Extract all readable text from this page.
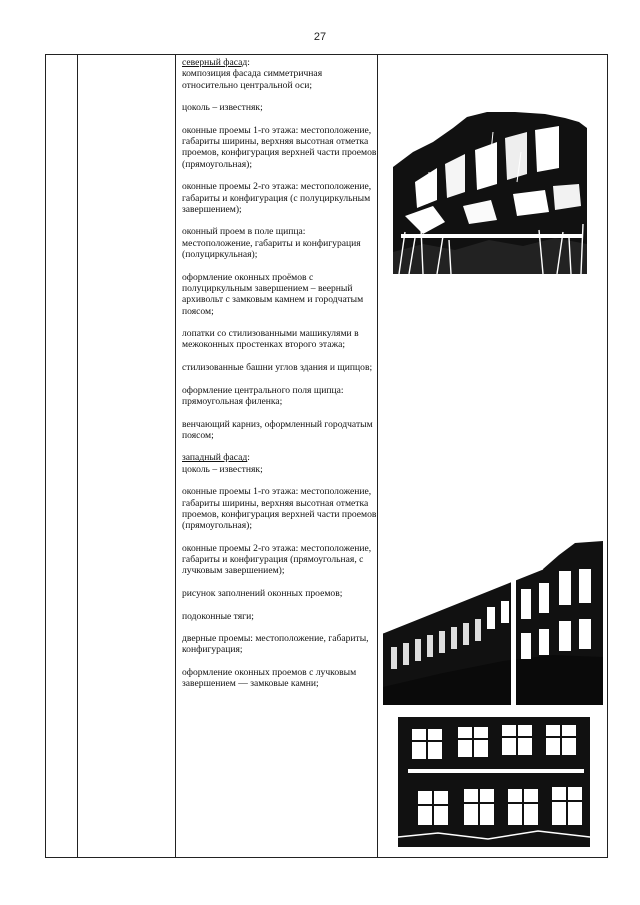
27
северный фасад:

композиция фасада симметричная относительно центральной оси;

цоколь – известняк;

оконные проемы 1-го этажа: местоположение, габариты ширины, верхняя высотная отметка проемов, конфигурация верхней части проемов (прямоугольная);

оконные проемы 2-го этажа: местоположение, габариты и конфигурация (с полуциркульным завершением);

оконный проем в поле щипца: местоположение, габариты и конфигурация (полуциркульная);

оформление оконных проёмов с полуциркульным завершением – веерный архивольт с замковым камнем и городчатым поясом;

лопатки со стилизованными машикулями в межоконных простенках второго этажа;

стилизованные башни углов здания и щипцов;

оформление центрального поля щипца: прямоугольная филенка;

венчающий карниз, оформленный городчатым поясом;

западный фасад:

цоколь – известняк;

оконные проемы 1-го этажа: местоположение, габариты ширины, верхняя высотная отметка проемов, конфигурация верхней части проемов (прямоугольная);

оконные проемы 2-го этажа: местоположение, габариты и конфигурация (прямоугольная, с лучковым завершением);

рисунок заполнений оконных проемов;

подоконные тяги;

дверные проемы: местоположение, габариты, конфигурация;

оформление оконных проемов с лучковым завершением — замковые камни;
